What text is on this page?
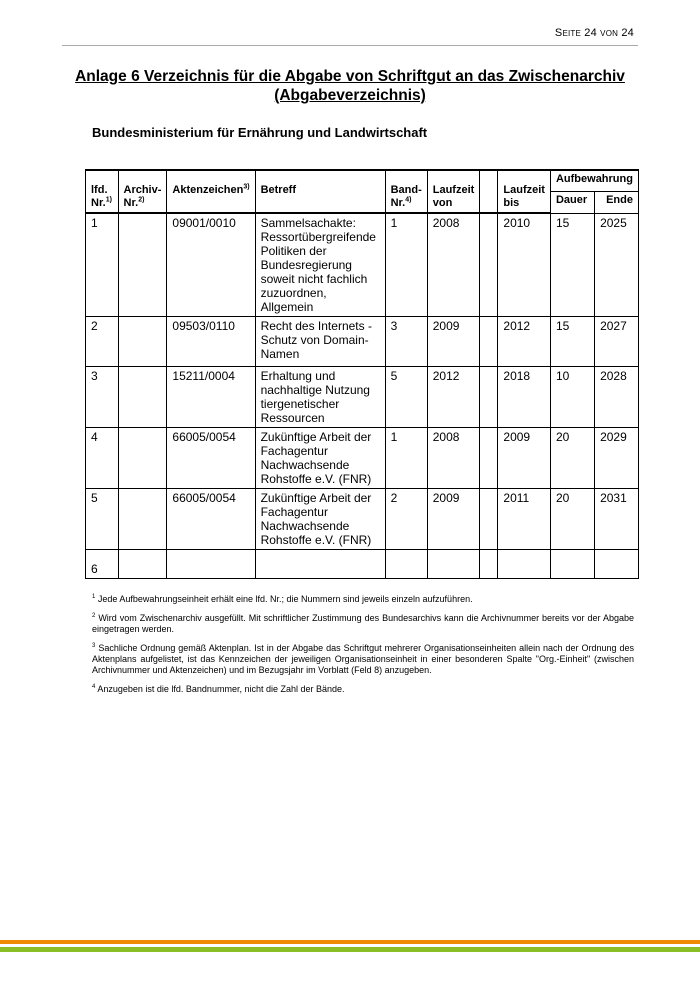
Seite 24 von 24
Anlage 6 Verzeichnis für die Abgabe von Schriftgut an das Zwischenarchiv (Abgabeverzeichnis)
Bundesministerium für Ernährung und Landwirtschaft
lfd. Nr.$^{1)}$	Archiv-Nr.$^{2)}$	Aktenzeichen$^{3)}$	Betreff	Band-Nr.$^{4)}$	Laufzeit von		Laufzeit bis	Aufbewahrung	
								Dauer	Ende
1		09001/0010	Sammelsachakte: Ressortübergreifende Politiken der Bundesregierung soweit nicht fachlich zuzuordnen, Allgemein	1	2008		2010	15	2025
2		09503/0110	Recht des Internets - Schutz von Domain-Namen	3	2009		2012	15	2027
3		15211/0004	Erhaltung und nachhaltige Nutzung tiergenetischer Ressourcen	5	2012		2018	10	2028
4		66005/0054	Zukünftige Arbeit der Fachagentur Nachwachsende Rohstoffe e.V. (FNR)	1	2008		2009	20	2029
5		66005/0054	Zukünftige Arbeit der Fachagentur Nachwachsende Rohstoffe e.V. (FNR)	2	2009		2011	20	2031
6									

$^1$ Jede Aufbewahrungseinheit erhält eine lfd. Nr.; die Nummern sind jeweils einzeln aufzuführen.

$^2$ Wird vom Zwischenarchiv ausgefüllt. Mit schriftlicher Zustimmung des Bundesarchivs kann die Archivnummer bereits vor der Abgabe eingetragen werden.

$^3$ Sachliche Ordnung gemäß Aktenplan. Ist in der Abgabe das Schriftgut mehrerer Organisationseinheiten allein nach der Ordnung des Aktenplans aufgelistet, ist das Kennzeichen der jeweiligen Organisationseinheit in einer besonderen Spalte "Org.-Einheit" (zwischen Archivnummer und Aktenzeichen) und im Bezugsjahr im Vorblatt (Feld 8) anzugeben.

$^4$ Anzugeben ist die lfd. Bandnummer, nicht die Zahl der Bände.
